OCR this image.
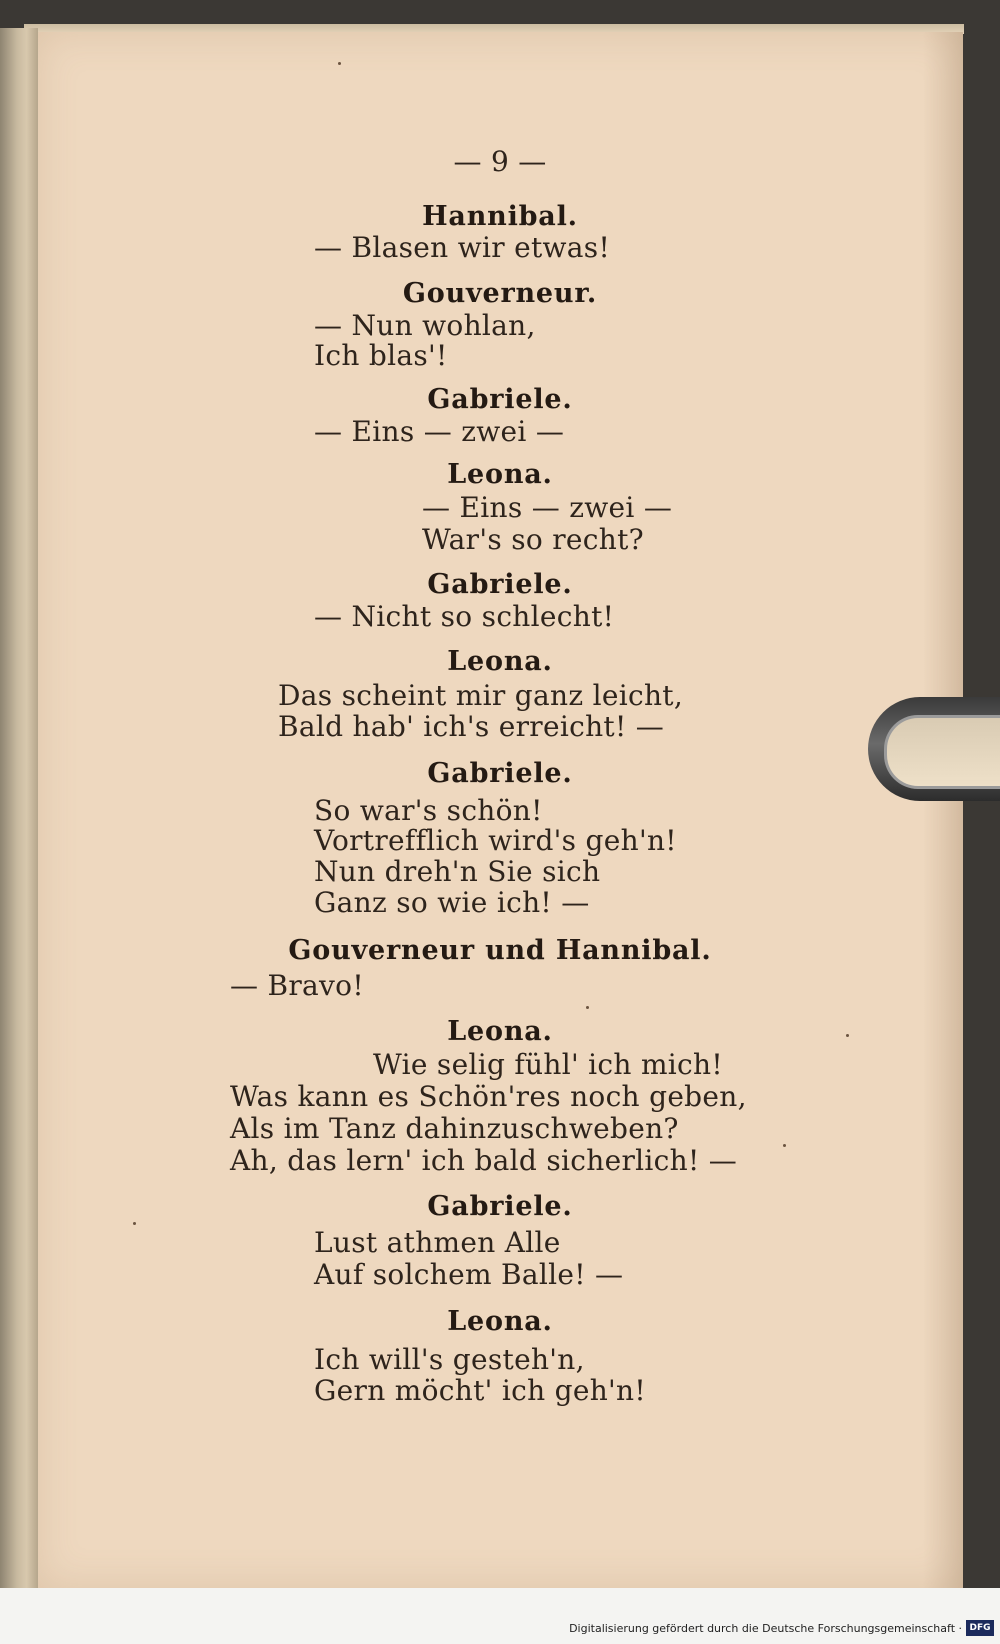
— 9 —

Hannibal.

— Blasen wir etwas!

Gouverneur.

— Nun wohlan,

Ich blas'!

Gabriele.

— Eins — zwei —

Leona.

— Eins — zwei —

War's so recht?

Gabriele.

— Nicht so schlecht!

Leona.

Das scheint mir ganz leicht,

Bald hab' ich's erreicht! —

Gabriele.

So war's schön!

Vortrefflich wird's geh'n!

Nun dreh'n Sie sich

Ganz so wie ich! —

Gouverneur und Hannibal.

— Bravo!

Leona.

Wie selig fühl' ich mich!

Was kann es Schön'res noch geben,

Als im Tanz dahinzuschweben?

Ah, das lern' ich bald sicherlich! —

Gabriele.

Lust athmen Alle

Auf solchem Balle! —

Leona.

Ich will's gesteh'n,

Gern möcht' ich geh'n!

Digitalisierung gefördert durch die Deutsche Forschungsgemeinschaft · DFG
